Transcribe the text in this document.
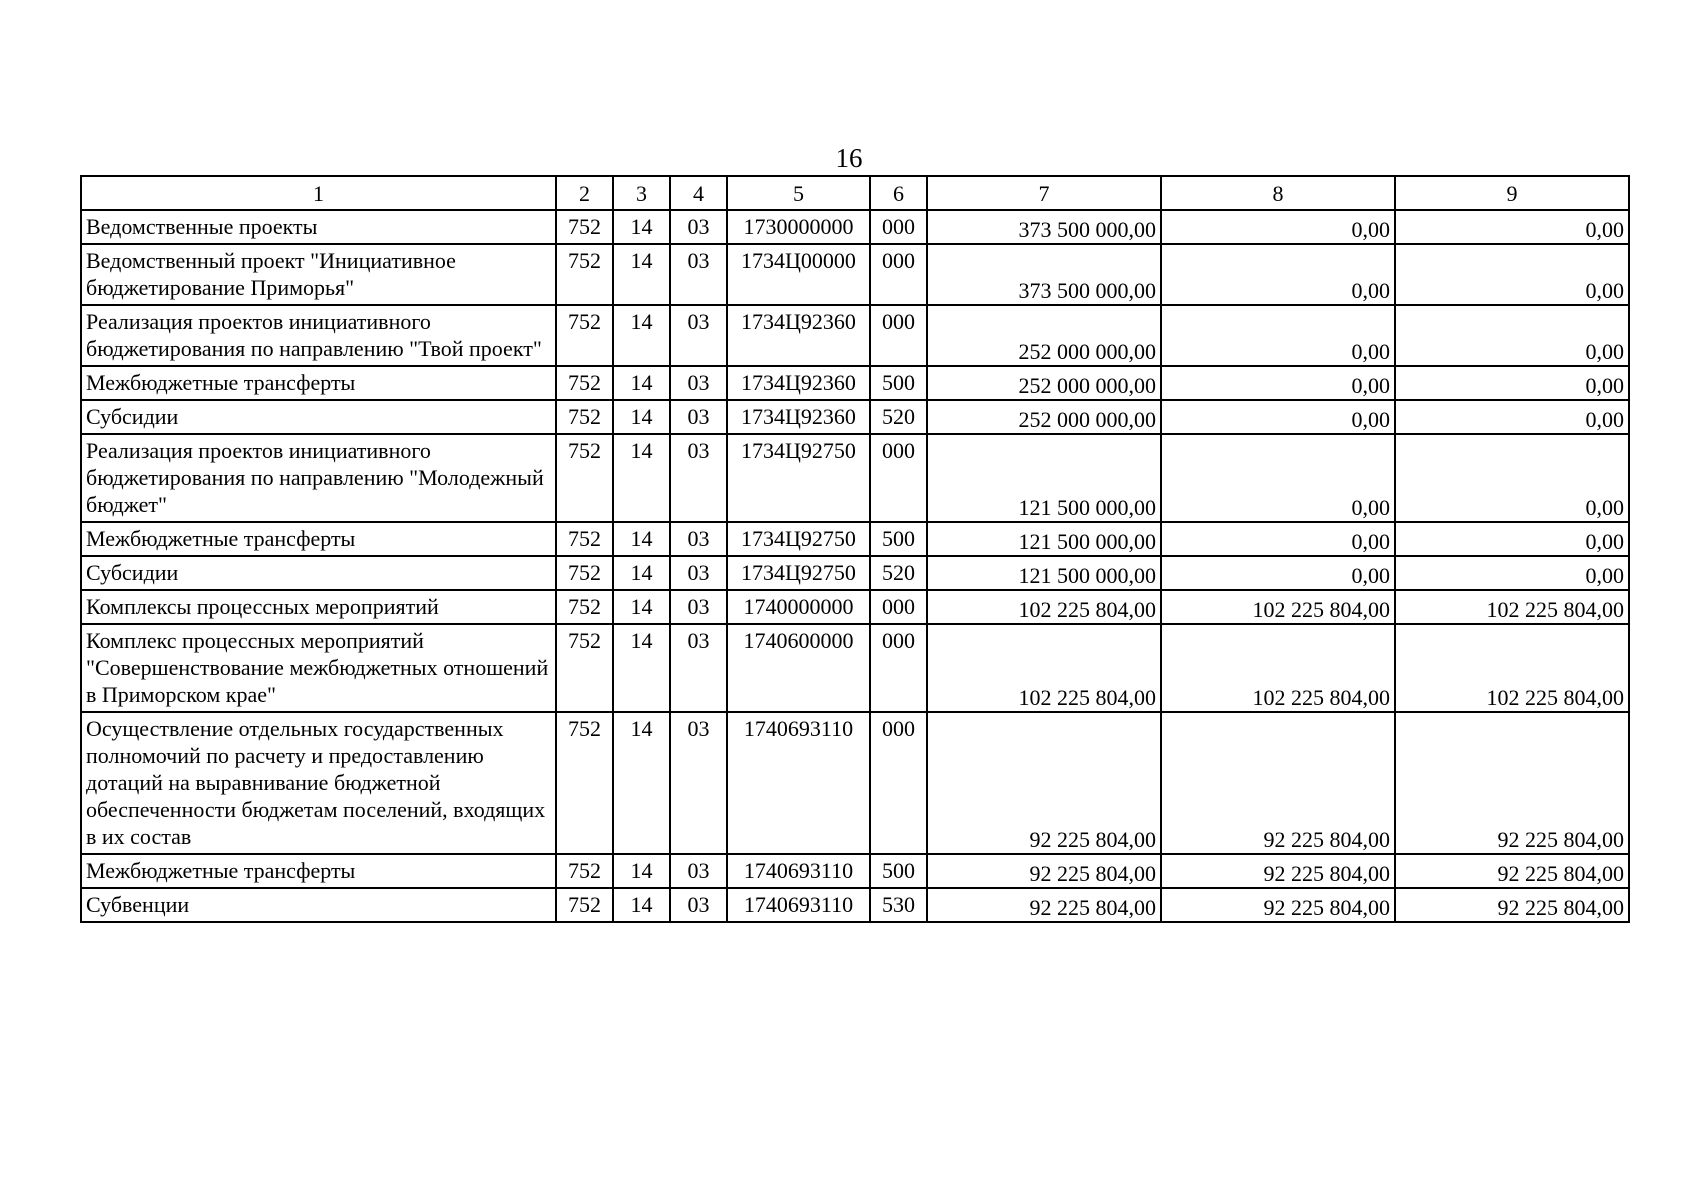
16
1	2	3	4	5	6	7	8	9
Ведомственные проекты	752	14	03	1730000000	000	373 500 000,00	0,00	0,00
Ведомственный проект "Инициативное бюджетирование Приморья"	752	14	03	1734Ц00000	000	373 500 000,00	0,00	0,00
Реализация проектов инициативного бюджетирования по направлению "Твой проект"	752	14	03	1734Ц92360	000	252 000 000,00	0,00	0,00
Межбюджетные трансферты	752	14	03	1734Ц92360	500	252 000 000,00	0,00	0,00
Субсидии	752	14	03	1734Ц92360	520	252 000 000,00	0,00	0,00
Реализация проектов инициативного бюджетирования по направлению "Молодежный бюджет"	752	14	03	1734Ц92750	000	121 500 000,00	0,00	0,00
Межбюджетные трансферты	752	14	03	1734Ц92750	500	121 500 000,00	0,00	0,00
Субсидии	752	14	03	1734Ц92750	520	121 500 000,00	0,00	0,00
Комплексы процессных мероприятий	752	14	03	1740000000	000	102 225 804,00	102 225 804,00	102 225 804,00
Комплекс процессных мероприятий "Совершенствование межбюджетных отношений в Приморском крае"	752	14	03	1740600000	000	102 225 804,00	102 225 804,00	102 225 804,00
Осуществление отдельных государственных полномочий по расчету и предоставлению дотаций на выравнивание бюджетной обеспеченности бюджетам поселений, входящих в их состав	752	14	03	1740693110	000	92 225 804,00	92 225 804,00	92 225 804,00
Межбюджетные трансферты	752	14	03	1740693110	500	92 225 804,00	92 225 804,00	92 225 804,00
Субвенции	752	14	03	1740693110	530	92 225 804,00	92 225 804,00	92 225 804,00
